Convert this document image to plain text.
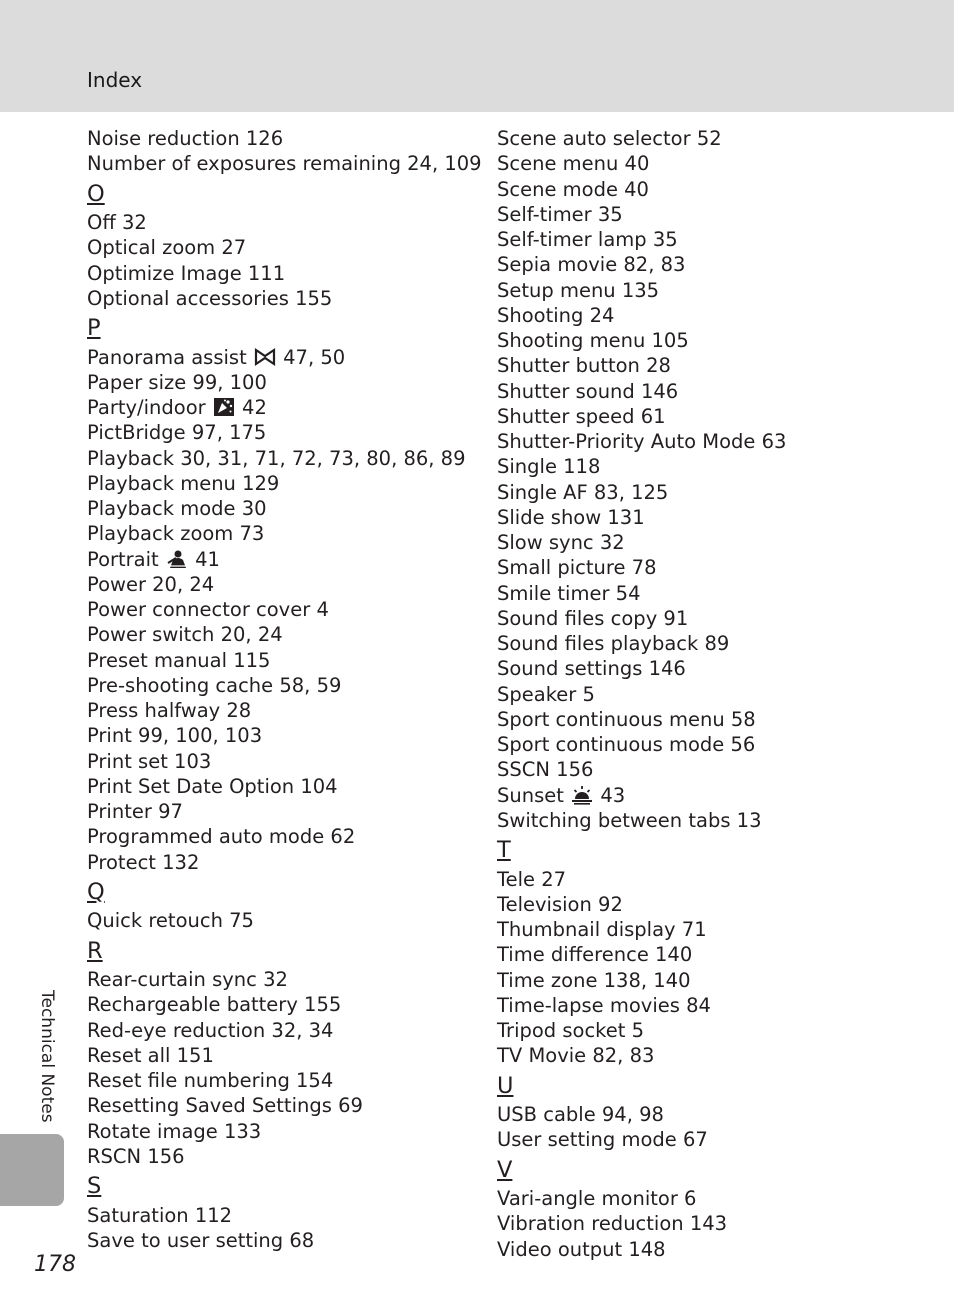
Index
Noise reduction 126
Number of exposures remaining 24, 109
O
Off 32
Optical zoom 27
Optimize Image 111
Optional accessories 155
P
Panorama assist 47, 50
Paper size 99, 100
Party/indoor 42
PictBridge 97, 175
Playback 30, 31, 71, 72, 73, 80, 86, 89
Playback menu 129
Playback mode 30
Playback zoom 73
Portrait 41
Power 20, 24
Power connector cover 4
Power switch 20, 24
Preset manual 115
Pre-shooting cache 58, 59
Press halfway 28
Print 99, 100, 103
Print set 103
Print Set Date Option 104
Printer 97
Programmed auto mode 62
Protect 132
Q
Quick retouch 75
R
Rear-curtain sync 32
Rechargeable battery 155
Red-eye reduction 32, 34
Reset all 151
Reset file numbering 154
Resetting Saved Settings 69
Rotate image 133
RSCN 156
S
Saturation 112
Save to user setting 68
Scene auto selector 52
Scene menu 40
Scene mode 40
Self-timer 35
Self-timer lamp 35
Sepia movie 82, 83
Setup menu 135
Shooting 24
Shooting menu 105
Shutter button 28
Shutter sound 146
Shutter speed 61
Shutter-Priority Auto Mode 63
Single 118
Single AF 83, 125
Slide show 131
Slow sync 32
Small picture 78
Smile timer 54
Sound files copy 91
Sound files playback 89
Sound settings 146
Speaker 5
Sport continuous menu 58
Sport continuous mode 56
SSCN 156
Sunset 43
Switching between tabs 13
T
Tele 27
Television 92
Thumbnail display 71
Time difference 140
Time zone 138, 140
Time-lapse movies 84
Tripod socket 5
TV Movie 82, 83
U
USB cable 94, 98
User setting mode 67
V
Vari-angle monitor 6
Vibration reduction 143
Video output 148
Technical Notes
178
